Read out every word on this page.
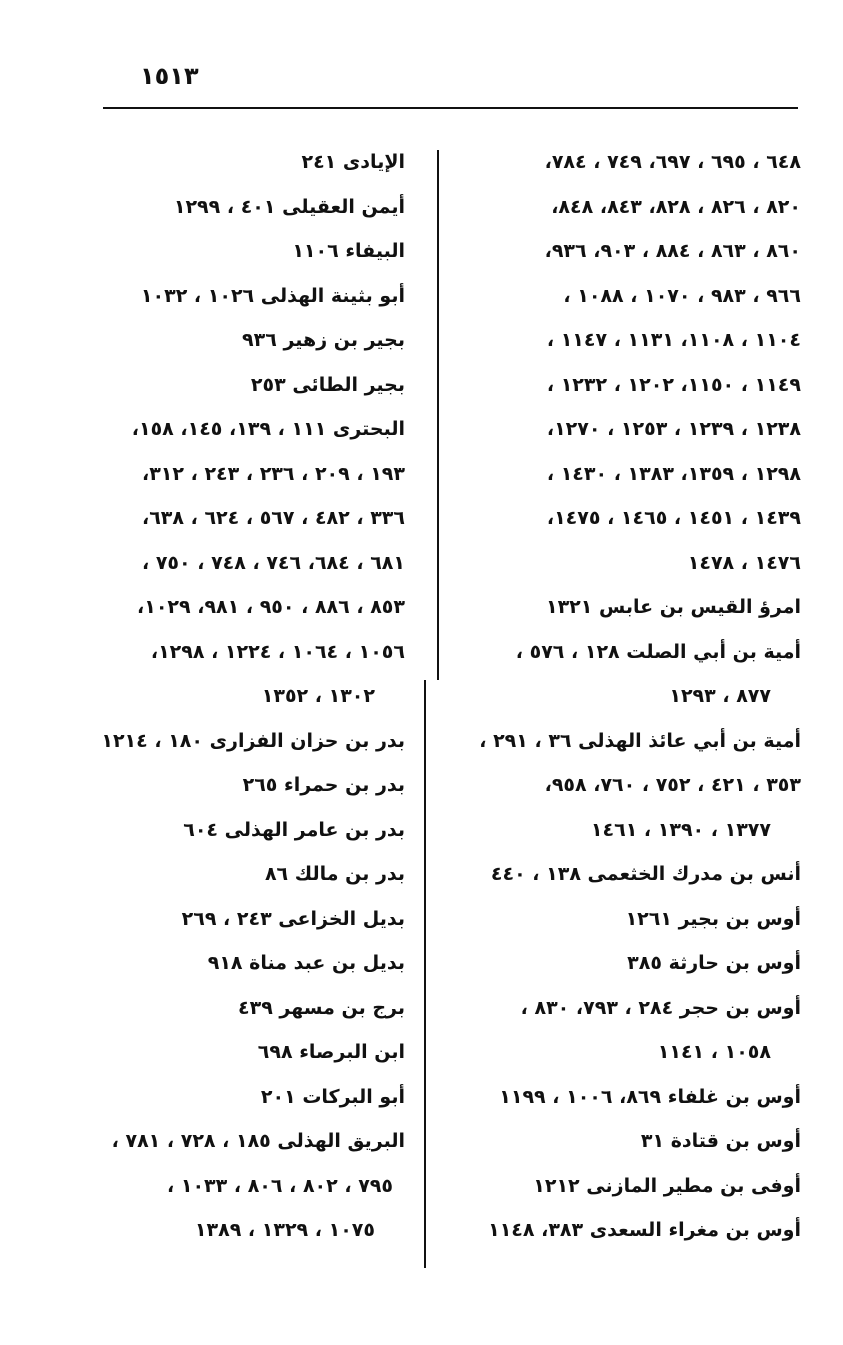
١٥١٣
٦٤٨ ، ٦٩٥ ، ٦٩٧، ٧٤٩ ، ٧٨٤،
٨٢٠ ، ٨٢٦ ، ٨٢٨، ٨٤٣، ٨٤٨،
٨٦٠ ، ٨٦٣ ، ٨٨٤ ، ٩٠٣، ٩٣٦،
٩٦٦ ، ٩٨٣ ، ١٠٧٠ ، ١٠٨٨ ،
١١٠٤ ، ١١٠٨، ١١٣١ ، ١١٤٧ ،
١١٤٩ ، ١١٥٠، ١٢٠٢ ، ١٢٣٢ ،
١٢٣٨ ، ١٢٣٩ ، ١٢٥٣ ، ١٢٧٠،
١٢٩٨ ، ١٣٥٩، ١٣٨٣ ، ١٤٣٠ ،
١٤٣٩ ، ١٤٥١ ، ١٤٦٥ ، ١٤٧٥،
١٤٧٦ ، ١٤٧٨
امرؤ القيس بن عابس ١٣٢١
أمية بن أبي الصلت ١٢٨ ، ٥٧٦ ،
٨٧٧ ، ١٢٩٣
أمية بن أبي عائذ الهذلى ٣٦ ، ٢٩١ ،
٣٥٣ ، ٤٢١ ، ٧٥٢ ، ٧٦٠، ٩٥٨،
١٣٧٧ ، ١٣٩٠ ، ١٤٦١
أنس بن مدرك الخثعمى ١٣٨ ، ٤٤٠
أوس بن بجير ١٢٦١
أوس بن حارثة ٣٨٥
أوس بن حجر ٢٨٤ ، ٧٩٣، ٨٣٠ ،
١٠٥٨ ، ١١٤١
أوس بن غلفاء ٨٦٩، ١٠٠٦ ، ١١٩٩
أوس بن قتادة ٣١
أوفى بن مطير المازنى ١٢١٢
أوس بن مغراء السعدى ٣٨٣، ١١٤٨
الإيادى ٢٤١
أيمن العقيلى ٤٠١ ، ١٢٩٩
البيفاء ١١٠٦
أبو بثينة الهذلى ١٠٢٦ ، ١٠٣٢
بجير بن زهير ٩٣٦
بجير الطائى ٢٥٣
البحترى ١١١ ، ١٣٩، ١٤٥، ١٥٨،
١٩٣ ، ٢٠٩ ، ٢٣٦ ، ٢٤٣ ، ٣١٢،
٣٣٦ ، ٤٨٢ ، ٥٦٧ ، ٦٢٤ ، ٦٣٨،
٦٨١ ، ٦٨٤، ٧٤٦ ، ٧٤٨ ، ٧٥٠ ،
٨٥٣ ، ٨٨٦ ، ٩٥٠ ، ٩٨١، ١٠٢٩،
١٠٥٦ ، ١٠٦٤ ، ١٢٢٤ ، ١٢٩٨،
١٣٠٢ ، ١٣٥٢
بدر بن حزان الفزارى ١٨٠ ، ١٢١٤
بدر بن حمراء ٢٦٥
بدر بن عامر الهذلى ٦٠٤
بدر بن مالك ٨٦
بديل الخزاعى ٢٤٣ ، ٢٦٩
بديل بن عبد مناة ٩١٨
برج بن مسهر ٤٣٩
ابن البرصاء ٦٩٨
أبو البركات ٢٠١
البريق الهذلى ١٨٥ ، ٧٢٨ ، ٧٨١ ،
٧٩٥ ، ٨٠٢ ، ٨٠٦ ، ١٠٣٣ ،
١٠٧٥ ، ١٣٢٩ ، ١٣٨٩
